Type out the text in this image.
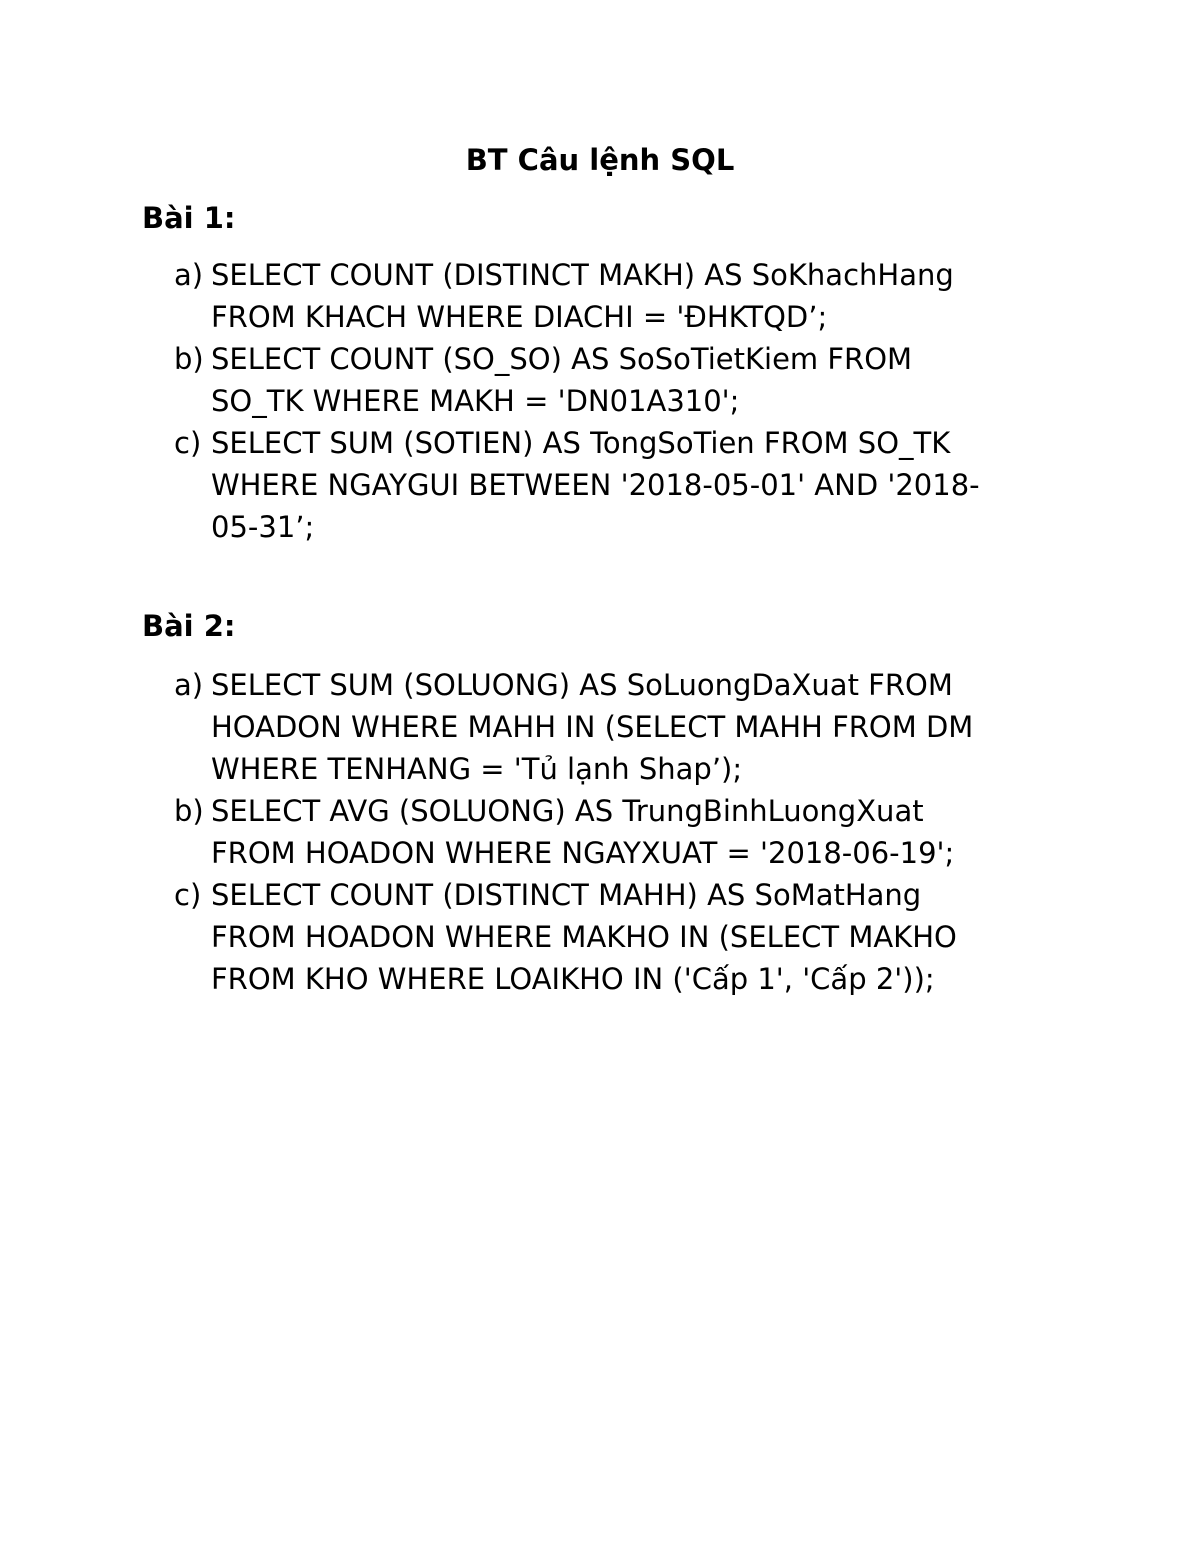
BT Câu lệnh SQL
Bài 1:
a) SELECT COUNT (DISTINCT MAKH) AS SoKhachHang
FROM KHACH WHERE DIACHI = 'ĐHKTQD’;
b) SELECT COUNT (SO_SO) AS SoSoTietKiem FROM
SO_TK WHERE MAKH = 'DN01A310';
c) SELECT SUM (SOTIEN) AS TongSoTien FROM SO_TK
WHERE NGAYGUI BETWEEN '2018-05-01' AND '2018-
05-31’;
Bài 2:
a) SELECT SUM (SOLUONG) AS SoLuongDaXuat FROM
HOADON WHERE MAHH IN (SELECT MAHH FROM DM
WHERE TENHANG = 'Tủ lạnh Shap’);
b) SELECT AVG (SOLUONG) AS TrungBinhLuongXuat
FROM HOADON WHERE NGAYXUAT = '2018-06-19';
c) SELECT COUNT (DISTINCT MAHH) AS SoMatHang
FROM HOADON WHERE MAKHO IN (SELECT MAKHO
FROM KHO WHERE LOAIKHO IN ('Cấp 1', 'Cấp 2'));
